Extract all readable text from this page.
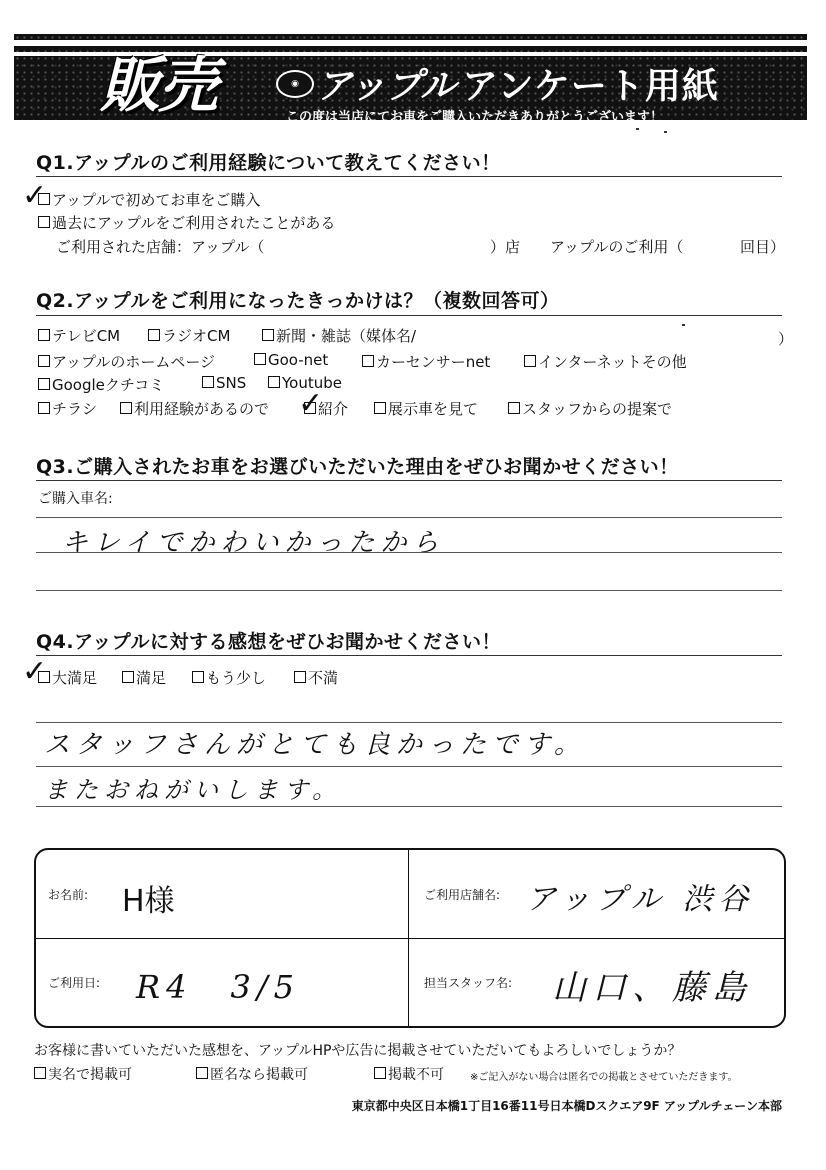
販売	◉ アップル アンケート用紙
この度は当店にてお車をご購入いただきありがとうございます！
Q1.アップルのご利用経験について教えてください！
アップルで初めてお車をご購入
✓
過去にアップルをご利用されたことがある
ご利用された店舗：アップル（	）店 アップルのご利用（	回目）
Q2.アップルをご利用になったきっかけは？（複数回答可）
テレビCM	ラジオCM	新聞・雑誌（媒体名/	）
アップルのホームページ	Goo-net	カーセンサーnet	インターネットその他
Googleクチコミ	SNS	Youtube
チラシ	利用経験があるので	紹介
✓	展示車を見て	スタッフからの提案で
Q3.ご購入されたお車をお選びいただいた理由をぜひお聞かせください！
ご購入車名:
キレイでかわいかったから
Q4.アップルに対する感想をぜひお聞かせください！
大満足
✓	満足	もう少し	不満
スタッフさんがとても良かったです。
またおねがいします。
お名前: H様	ご利用店舗名: アップル 渋谷
ご利用日: R4　3/5	担当スタッフ名: 山口、藤島
お客様に書いていただいた感想を、アップルHPや広告に掲載させていただいてもよろしいでしょうか？
実名で掲載可	匿名なら掲載可	掲載不可	※ご記入がない場合は匿名での掲載とさせていただきます。
東京都中央区日本橋1丁目16番11号日本橋Dスクエア9F アップルチェーン本部
